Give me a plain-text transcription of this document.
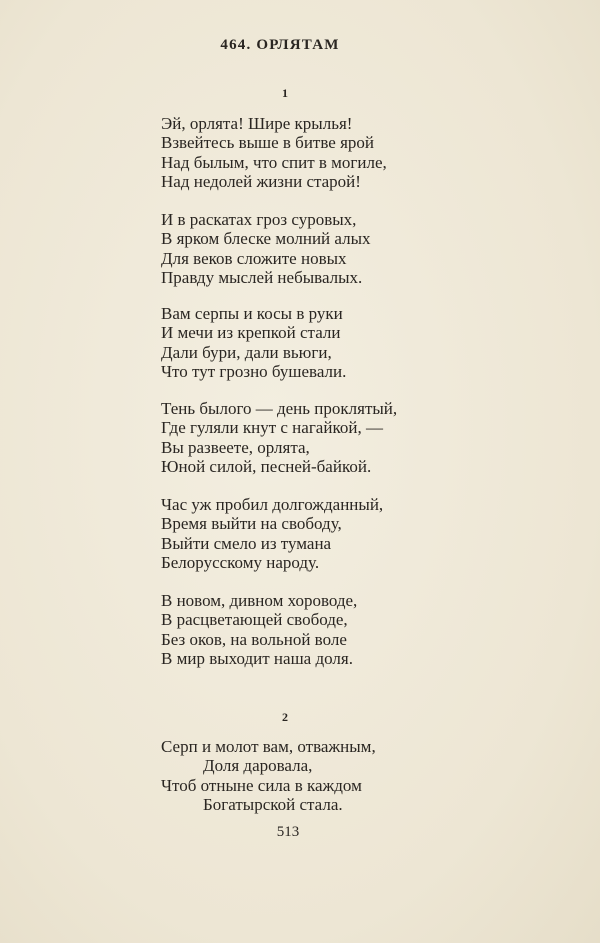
464. ОРЛЯТАМ
1
Эй, орлята! Шире крылья!
Взвейтесь выше в битве ярой
Над былым, что спит в могиле,
Над недолей жизни старой!
И в раскатах гроз суровых,
В ярком блеске молний алых
Для веков сложите новых
Правду мыслей небывалых.
Вам серпы и косы в руки
И мечи из крепкой стали
Дали бури, дали вьюги,
Что тут грозно бушевали.
Тень былого — день проклятый,
Где гуляли кнут с нагайкой, —
Вы развеете, орлята,
Юной силой, песней-байкой.
Час уж пробил долгожданный,
Время выйти на свободу,
Выйти смело из тумана
Белорусскому народу.
В новом, дивном хороводе,
В расцветающей свободе,
Без оков, на вольной воле
В мир выходит наша доля.
2
Серп и молот вам, отважным,
Доля даровала,
Чтоб отныне сила в каждом
Богатырской стала.
513
